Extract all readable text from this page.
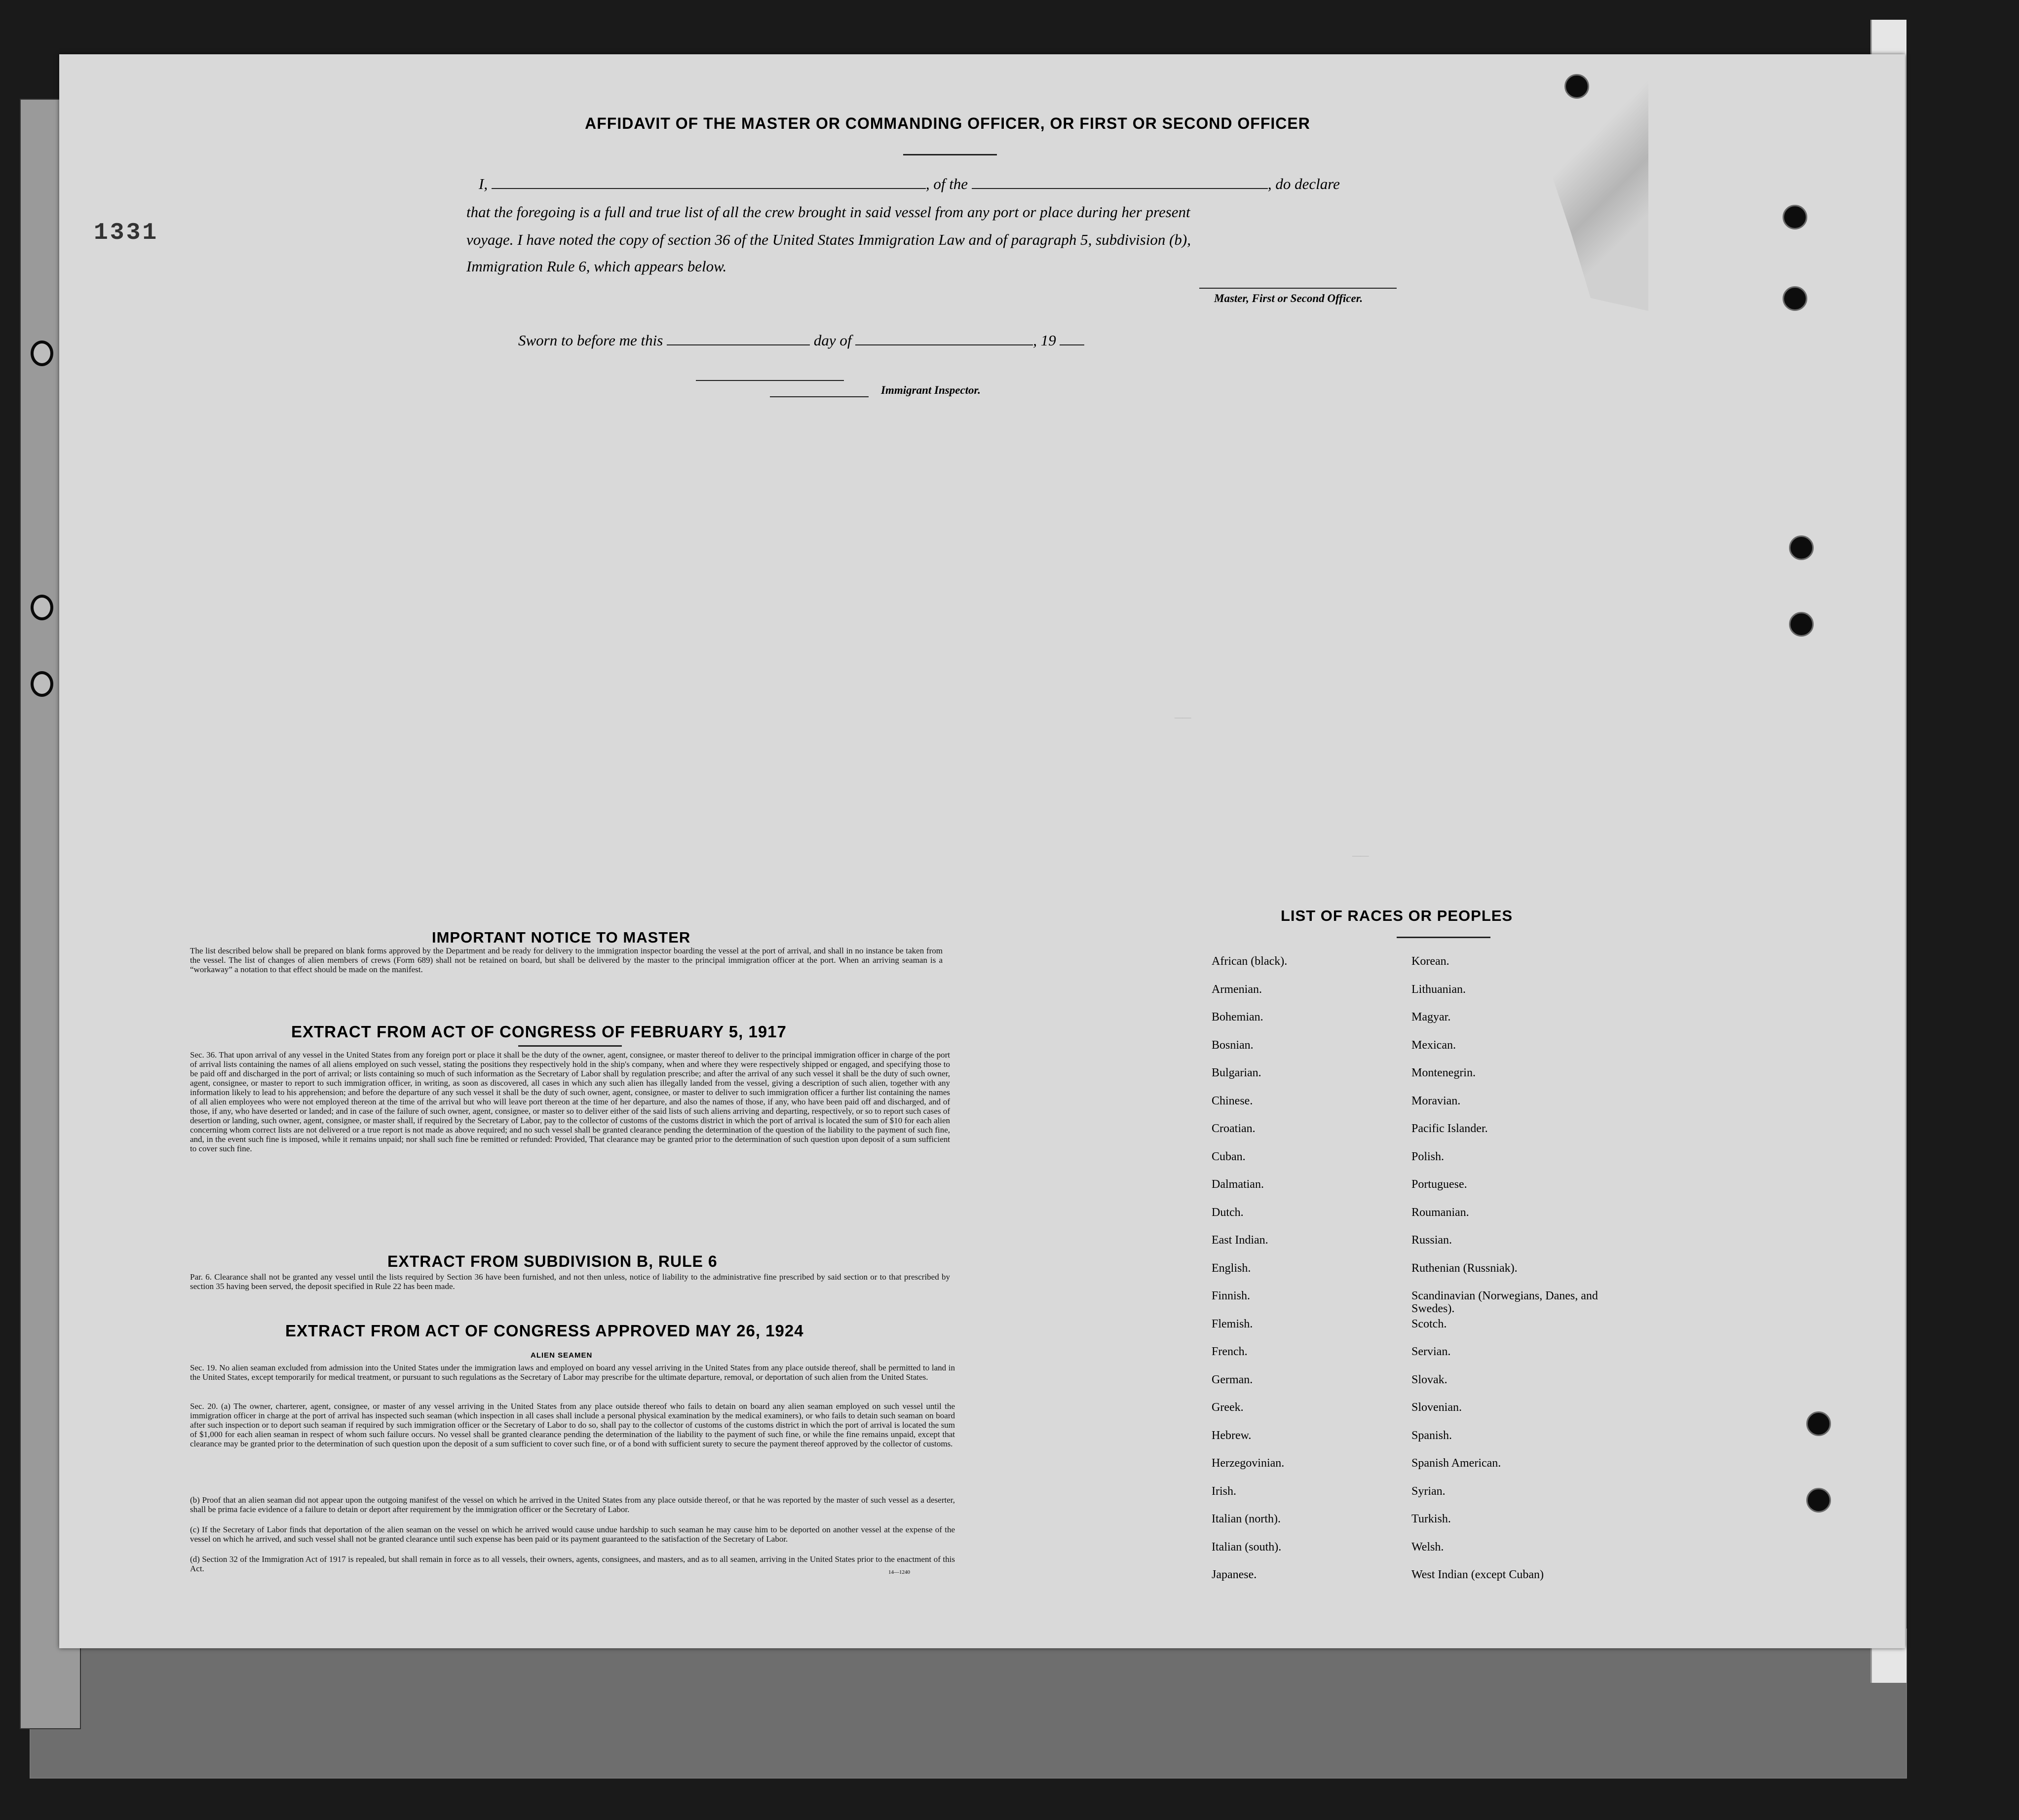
1331
——
——
AFFIDAVIT OF THE MASTER OR COMMANDING OFFICER, OR FIRST OR SECOND OFFICER
I,	, of the	, do declare
that the foregoing is a full and true list of all the crew brought in said vessel from any port or place during her present
voyage. I have noted the copy of section 36 of the United States Immigration Law and of paragraph 5, subdivision (b),
Immigration Rule 6, which appears below.
Master, First or Second Officer.
Sworn to before me this	day of	, 19
Immigrant Inspector.
IMPORTANT NOTICE TO MASTER
The list described below shall be prepared on blank forms approved by the Department and be ready for delivery to the immigration inspector boarding the vessel at the port of arrival, and shall in no instance be taken from the vessel. The list of changes of alien members of crews (Form 689) shall not be retained on board, but shall be delivered by the master to the principal immigration officer at the port. When an arriving seaman is a “workaway” a notation to that effect should be made on the manifest.
EXTRACT FROM ACT OF CONGRESS OF FEBRUARY 5, 1917
Sec. 36. That upon arrival of any vessel in the United States from any foreign port or place it shall be the duty of the owner, agent, consignee, or master thereof to deliver to the principal immigration officer in charge of the port of arrival lists containing the names of all aliens employed on such vessel, stating the positions they respectively hold in the ship's company, when and where they were respectively shipped or engaged, and specifying those to be paid off and discharged in the port of arrival; or lists containing so much of such information as the Secretary of Labor shall by regulation prescribe; and after the arrival of any such vessel it shall be the duty of such owner, agent, consignee, or master to report to such immigration officer, in writing, as soon as discovered, all cases in which any such alien has illegally landed from the vessel, giving a description of such alien, together with any information likely to lead to his apprehension; and before the departure of any such vessel it shall be the duty of such owner, agent, consignee, or master to deliver to such immigration officer a further list containing the names of all alien employees who were not employed thereon at the time of the arrival but who will leave port thereon at the time of her departure, and also the names of those, if any, who have been paid off and discharged, and of those, if any, who have deserted or landed; and in case of the failure of such owner, agent, consignee, or master so to deliver either of the said lists of such aliens arriving and departing, respectively, or so to report such cases of desertion or landing, such owner, agent, consignee, or master shall, if required by the Secretary of Labor, pay to the collector of customs of the customs district in which the port of arrival is located the sum of $10 for each alien concerning whom correct lists are not delivered or a true report is not made as above required; and no such vessel shall be granted clearance pending the determination of the question of the liability to the payment of such fine, and, in the event such fine is imposed, while it remains unpaid; nor shall such fine be remitted or refunded: Provided, That clearance may be granted prior to the determination of such question upon deposit of a sum sufficient to cover such fine.
EXTRACT FROM SUBDIVISION B, RULE 6
Par. 6. Clearance shall not be granted any vessel until the lists required by Section 36 have been furnished, and not then unless, notice of liability to the administrative fine prescribed by said section or to that prescribed by section 35 having been served, the deposit specified in Rule 22 has been made.
EXTRACT FROM ACT OF CONGRESS APPROVED MAY 26, 1924
ALIEN SEAMEN
Sec. 19. No alien seaman excluded from admission into the United States under the immigration laws and employed on board any vessel arriving in the United States from any place outside thereof, shall be permitted to land in the United States, except temporarily for medical treatment, or pursuant to such regulations as the Secretary of Labor may prescribe for the ultimate departure, removal, or deportation of such alien from the United States.
Sec. 20. (a) The owner, charterer, agent, consignee, or master of any vessel arriving in the United States from any place outside thereof who fails to detain on board any alien seaman employed on such vessel until the immigration officer in charge at the port of arrival has inspected such seaman (which inspection in all cases shall include a personal physical examination by the medical examiners), or who fails to detain such seaman on board after such inspection or to deport such seaman if required by such immigration officer or the Secretary of Labor to do so, shall pay to the collector of customs of the customs district in which the port of arrival is located the sum of $1,000 for each alien seaman in respect of whom such failure occurs. No vessel shall be granted clearance pending the determination of the liability to the payment of such fine, or while the fine remains unpaid, except that clearance may be granted prior to the determination of such question upon the deposit of a sum sufficient to cover such fine, or of a bond with sufficient surety to secure the payment thereof approved by the collector of customs.
(b) Proof that an alien seaman did not appear upon the outgoing manifest of the vessel on which he arrived in the United States from any place outside thereof, or that he was reported by the master of such vessel as a deserter, shall be prima facie evidence of a failure to detain or deport after requirement by the immigration officer or the Secretary of Labor.
(c) If the Secretary of Labor finds that deportation of the alien seaman on the vessel on which he arrived would cause undue hardship to such seaman he may cause him to be deported on another vessel at the expense of the vessel on which he arrived, and such vessel shall not be granted clearance until such expense has been paid or its payment guaranteed to the satisfaction of the Secretary of Labor.
(d) Section 32 of the Immigration Act of 1917 is repealed, but shall remain in force as to all vessels, their owners, agents, consignees, and masters, and as to all seamen, arriving in the United States prior to the enactment of this Act.	14—1240
LIST OF RACES OR PEOPLES
African (black).
Armenian.
Bohemian.
Bosnian.
Bulgarian.
Chinese.
Croatian.
Cuban.
Dalmatian.
Dutch.
East Indian.
English.
Finnish.
Flemish.
French.
German.
Greek.
Hebrew.
Herzegovinian.
Irish.
Italian (north).
Italian (south).
Japanese.
Korean.
Lithuanian.
Magyar.
Mexican.
Montenegrin.
Moravian.
Pacific Islander.
Polish.
Portuguese.
Roumanian.
Russian.
Ruthenian (Russniak).
Scandinavian (Norwegians, Danes, and Swedes).
Scotch.
Servian.
Slovak.
Slovenian.
Spanish.
Spanish American.
Syrian.
Turkish.
Welsh.
West Indian (except Cuban)
